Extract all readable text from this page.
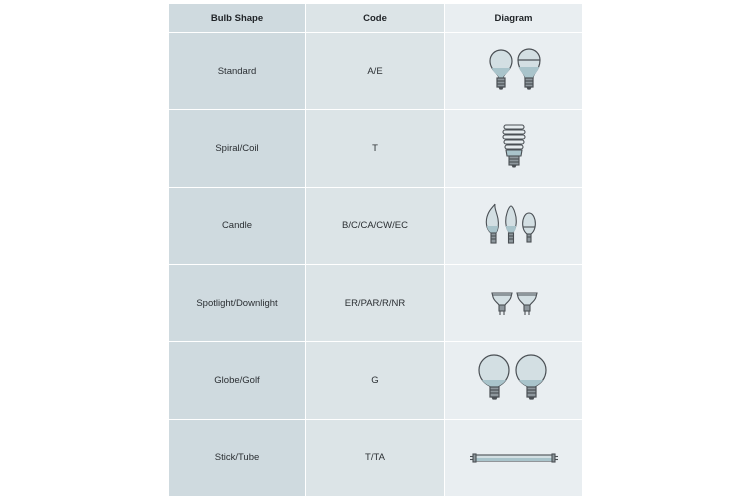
Bulb Shape	Code	Diagram
Standard	A/E
Spiral/Coil	T
Candle	B/C/CA/CW/EC
Spotlight/Downlight	ER/PAR/R/NR
Globe/Golf	G
Stick/Tube	T/TA
